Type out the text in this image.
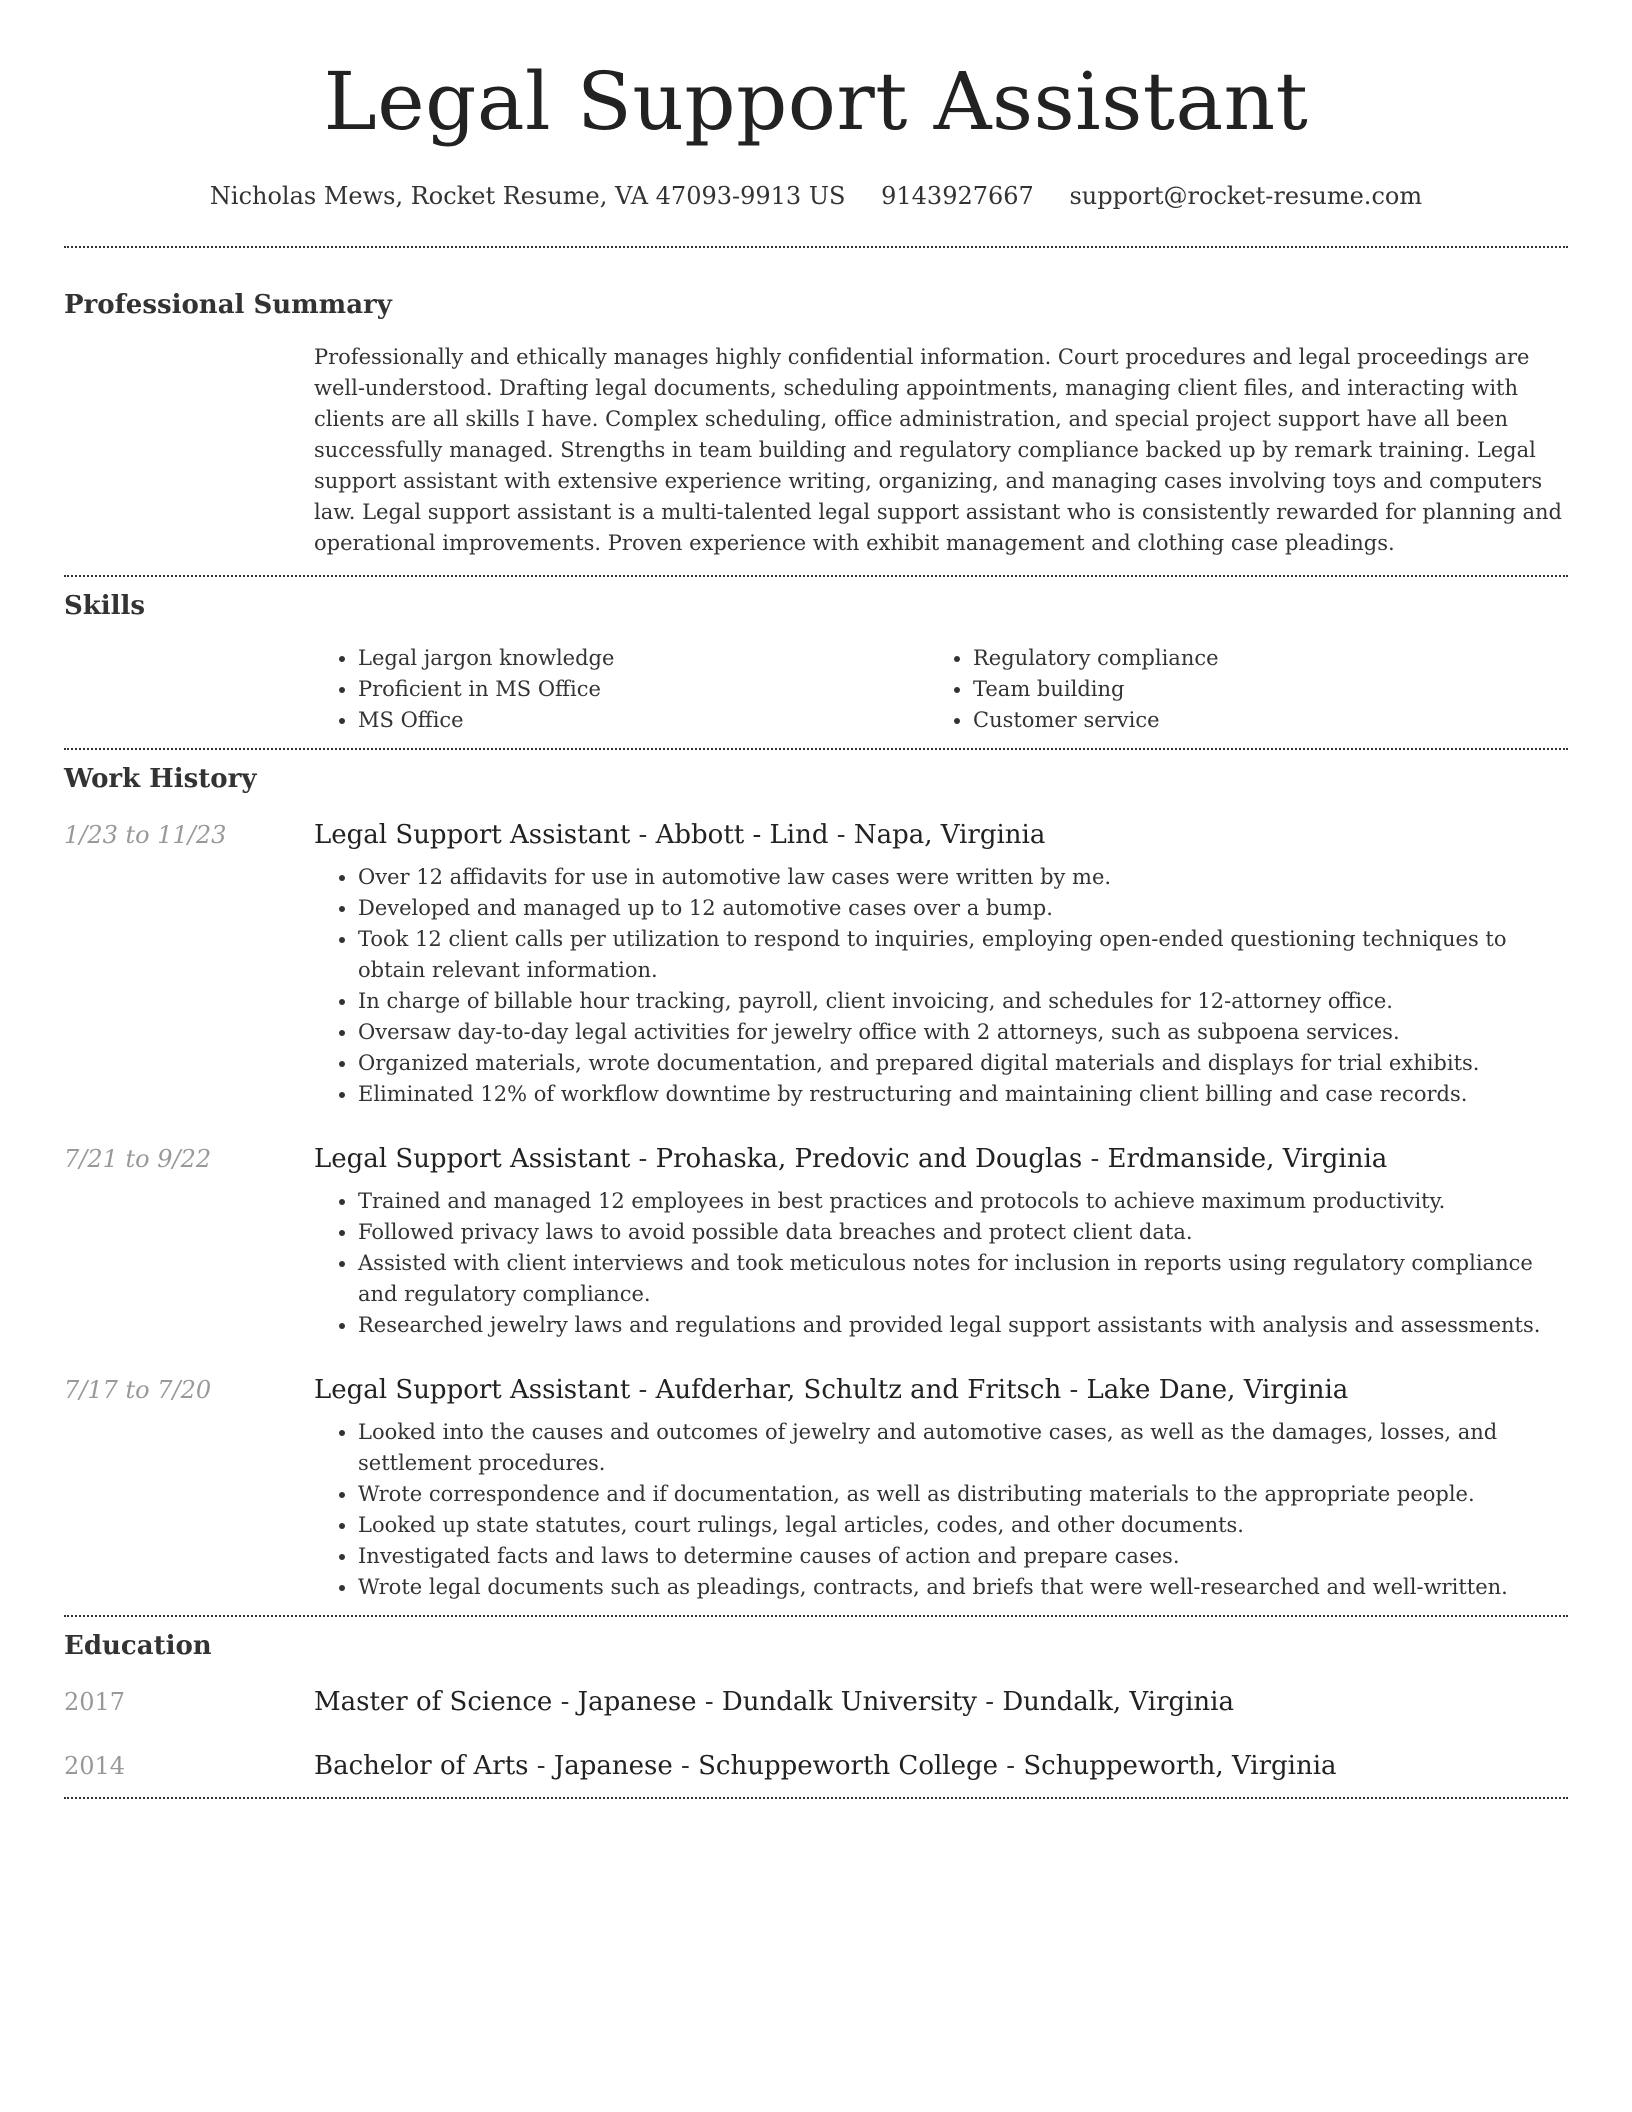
Legal Support Assistant
Nicholas Mews, Rocket Resume, VA 47093-9913 US 9143927667 support@rocket-resume.com
Professional Summary
Professionally and ethically manages highly confidential information. Court procedures and legal proceedings are well-understood. Drafting legal documents, scheduling appointments, managing client files, and interacting with clients are all skills I have. Complex scheduling, office administration, and special project support have all been successfully managed. Strengths in team building and regulatory compliance backed up by remark training. Legal support assistant with extensive experience writing, organizing, and managing cases involving toys and computers law. Legal support assistant is a multi-talented legal support assistant who is consistently rewarded for planning and operational improvements. Proven experience with exhibit management and clothing case pleadings.
Skills
• Legal jargon knowledge
• Proficient in MS Office
• MS Office
• Regulatory compliance
• Team building
• Customer service
Work History
1/23 to 11/23	Legal Support Assistant - Abbott - Lind - Napa, Virginia
• Over 12 affidavits for use in automotive law cases were written by me.
• Developed and managed up to 12 automotive cases over a bump.
• Took 12 client calls per utilization to respond to inquiries, employing open-ended questioning techniques to obtain relevant information.
• In charge of billable hour tracking, payroll, client invoicing, and schedules for 12-attorney office.
• Oversaw day-to-day legal activities for jewelry office with 2 attorneys, such as subpoena services.
• Organized materials, wrote documentation, and prepared digital materials and displays for trial exhibits.
• Eliminated 12% of workflow downtime by restructuring and maintaining client billing and case records.
7/21 to 9/22	Legal Support Assistant - Prohaska, Predovic and Douglas - Erdmanside, Virginia
• Trained and managed 12 employees in best practices and protocols to achieve maximum productivity.
• Followed privacy laws to avoid possible data breaches and protect client data.
• Assisted with client interviews and took meticulous notes for inclusion in reports using regulatory compliance and regulatory compliance.
• Researched jewelry laws and regulations and provided legal support assistants with analysis and assessments.
7/17 to 7/20	Legal Support Assistant - Aufderhar, Schultz and Fritsch - Lake Dane, Virginia
• Looked into the causes and outcomes of jewelry and automotive cases, as well as the damages, losses, and settlement procedures.
• Wrote correspondence and if documentation, as well as distributing materials to the appropriate people.
• Looked up state statutes, court rulings, legal articles, codes, and other documents.
• Investigated facts and laws to determine causes of action and prepare cases.
• Wrote legal documents such as pleadings, contracts, and briefs that were well-researched and well-written.
Education
2017	Master of Science - Japanese - Dundalk University - Dundalk, Virginia
2014	Bachelor of Arts - Japanese - Schuppeworth College - Schuppeworth, Virginia
